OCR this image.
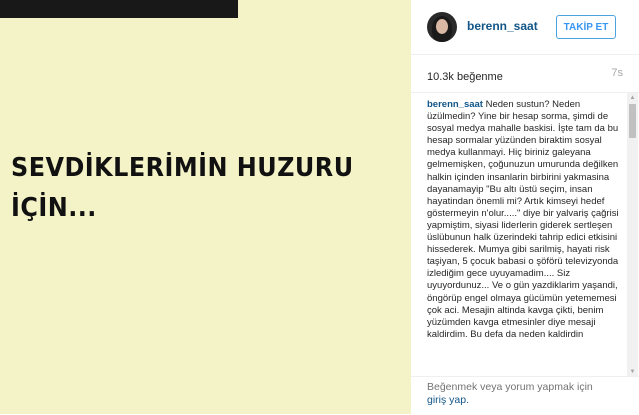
SEVDİKLERİMİN HUZURU
İÇİN...
berenn_saat	TAKİP ET
10.3k beğenme	7s
berenn_saat Neden sustun? Neden üzülmedin? Yine bir hesap sorma, şimdi de sosyal medya mahalle baskisi. İşte tam da bu hesap sormalar yüzünden biraktim sosyal medya kullanmayi. Hiç biriniz galeyana gelmemişken, çoğunuzun umurunda değilken halkin içinden insanlarin birbirini yakmasina dayanamayip "Bu altı üstü seçim, insan hayatindan önemli mi? Artık kimseyi hedef göstermeyin n'olur....." diye bir yalvariş çağrisi yapmiştim, siyasi liderlerin giderek sertleşen üslübunun halk üzerindeki tahrip edici etkisini hissederek. Mumya gibi sarilmiş, hayati risk taşiyan, 5 çocuk babasi o şöförü televizyonda izlediğim gece uyuyamadim.... Siz uyuyordunuz... Ve o gün yazdiklarim yaşandi, öngörüp engel olmaya gücümün yetememesi çok aci. Mesajin altinda kavga çikti, benim yüzümden kavga etmesinler diye mesaji kaldirdim. Bu defa da neden kaldirdin
▲
▼
Beğenmek veya yorum yapmak için
giriş yap.
